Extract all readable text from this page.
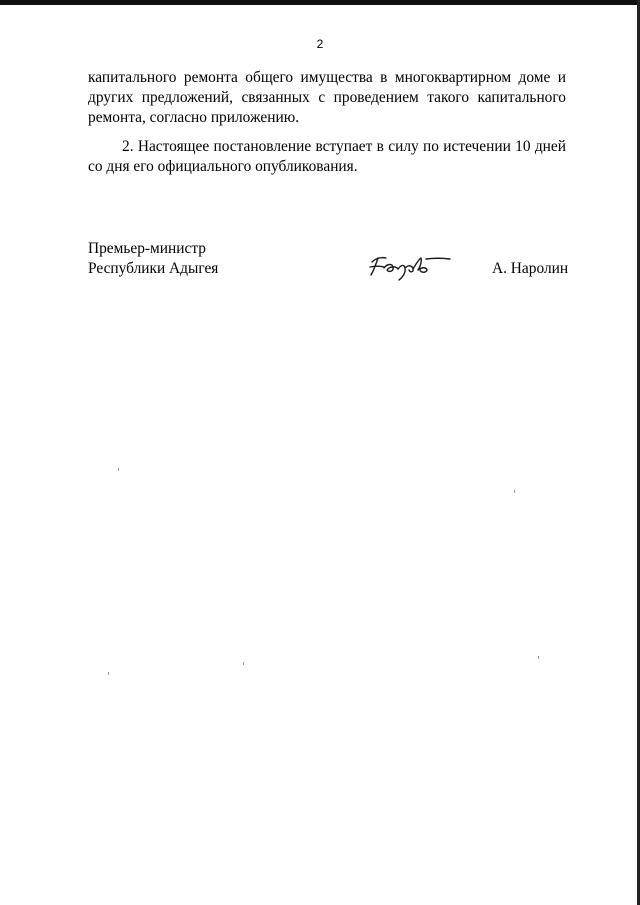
2

капитального ремонта общего имущества в многоквартирном доме и других предложений, связанных с проведением такого капитального ремонта, согласно приложению.

2. Настоящее постановление вступает в силу по истечении 10 дней со дня его официального опубликования.

Премьер-министр
Республики Адыгея	А. Наролин
